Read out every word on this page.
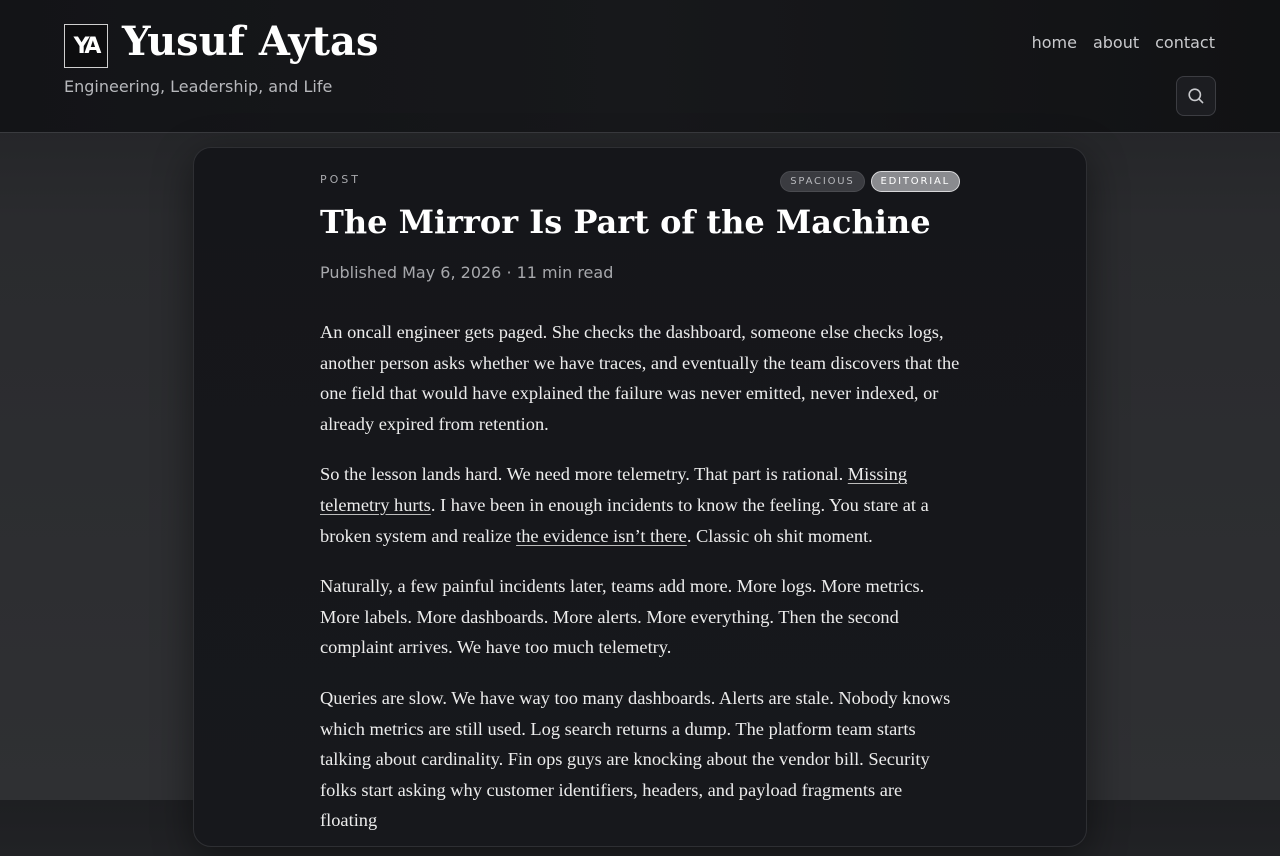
YA Yusuf Aytas
Engineering, Leadership, and Life
home about contact
POST	SPACIOUS	EDITORIAL
The Mirror Is Part of the Machine
Published May 6, 2026 · 11 min read

An oncall engineer gets paged. She checks the dashboard, someone else checks logs, another person asks whether we have traces, and eventually the team discovers that the one field that would have explained the failure was never emitted, never indexed, or already expired from retention.

So the lesson lands hard. We need more telemetry. That part is rational. Missing telemetry hurts. I have been in enough incidents to know the feeling. You stare at a broken system and realize the evidence isn’t there. Classic oh shit moment.

Naturally, a few painful incidents later, teams add more. More logs. More metrics. More labels. More dashboards. More alerts. More everything. Then the second complaint arrives. We have too much telemetry.

Queries are slow. We have way too many dashboards. Alerts are stale. Nobody knows which metrics are still used. Log search returns a dump. The platform team starts talking about cardinality. Fin ops guys are knocking about the vendor bill. Security folks start asking why customer identifiers, headers, and payload fragments are floating
